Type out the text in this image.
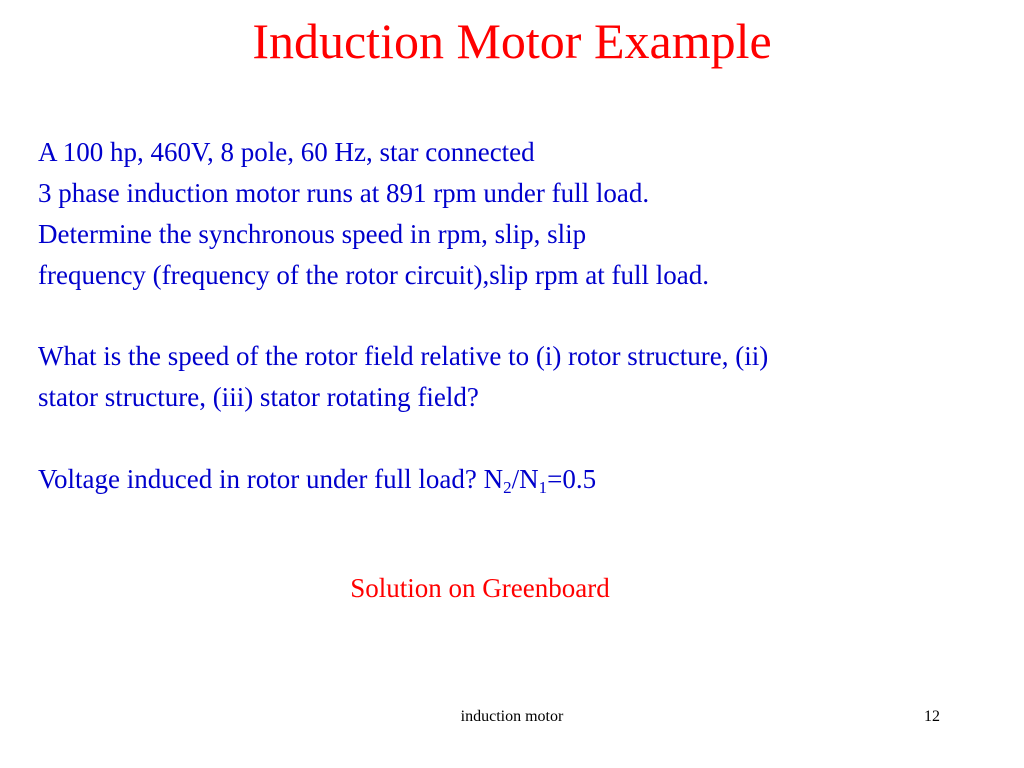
Induction Motor Example
A 100 hp, 460V, 8 pole, 60 Hz, star connected
3 phase induction motor runs at 891 rpm under full load.
Determine the synchronous speed in rpm, slip, slip
frequency (frequency of the rotor circuit),slip rpm at full load.
What is the speed of the rotor field relative to (i) rotor structure, (ii)
stator structure, (iii) stator rotating field?
Voltage induced in rotor under full load? $N_2/N_1=0.5$
Solution on Greenboard
induction motor	12
